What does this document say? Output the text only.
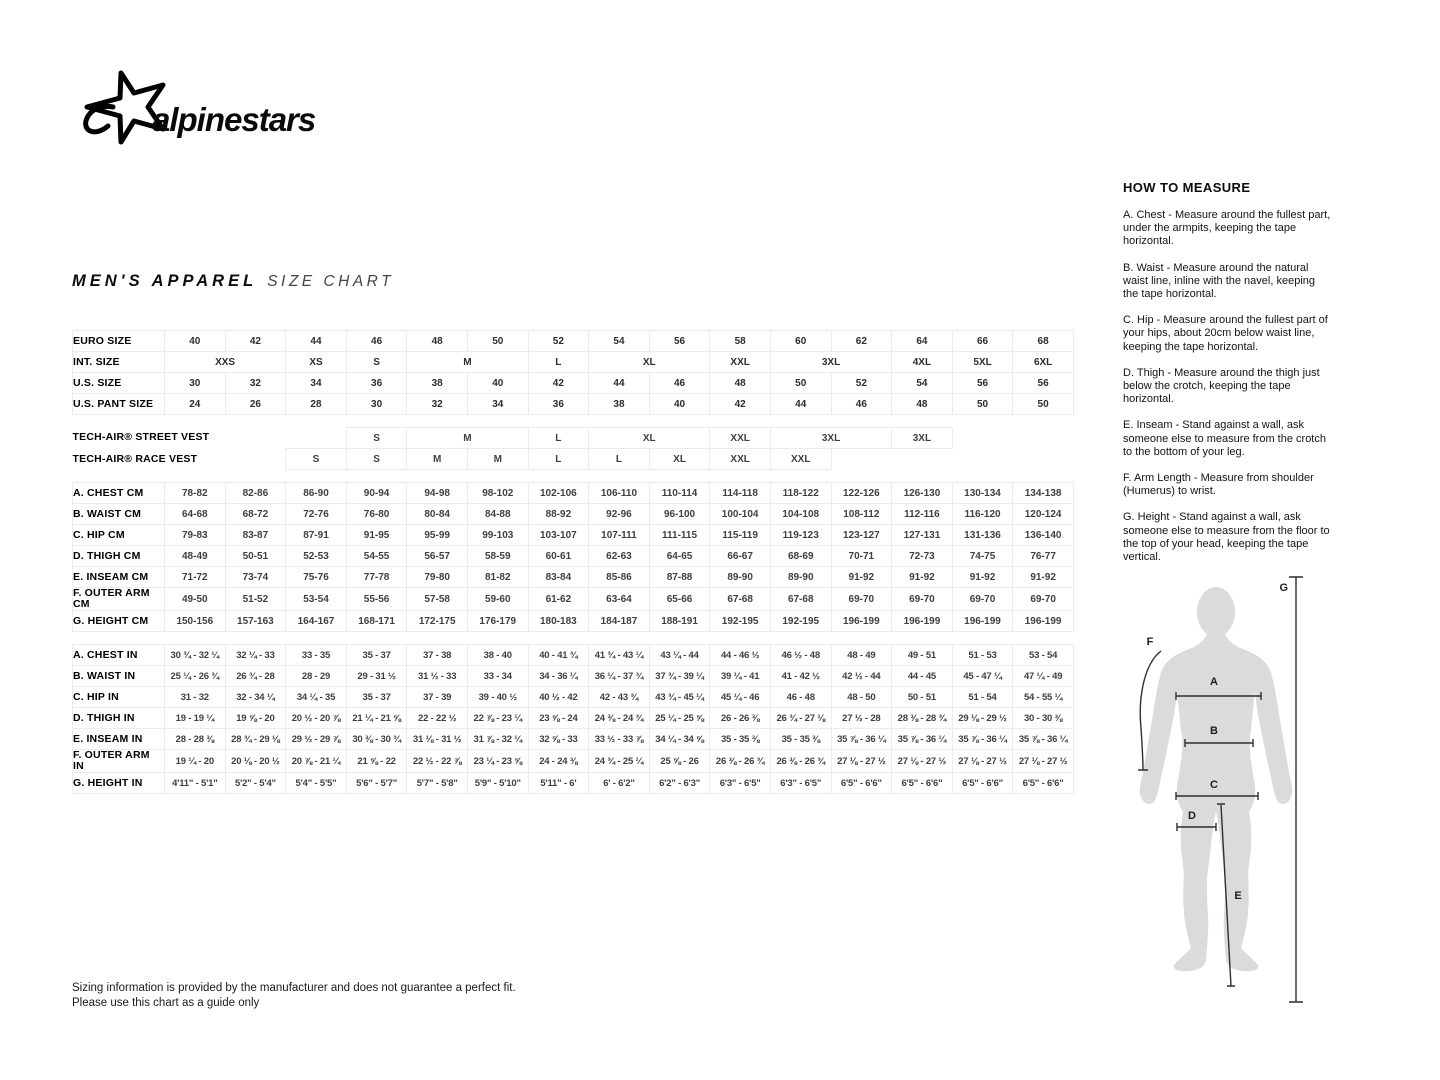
alpinestars
MEN'S APPAREL SIZE CHART
EURO SIZE	40	42	44	46	48	50	52	54	56	58	60	62	64	66	68
INT. SIZE	XXS		XS	S	M		L	XL		XXL	3XL		4XL	5XL	6XL
U.S. SIZE	30	32	34	36	38	40	42	44	46	48	50	52	54	56	56
U.S. PANT SIZE	24	26	28	30	32	34	36	38	40	42	44	46	48	50	50

TECH-AIR® STREET VEST				S	M		L	XL		XXL	3XL		3XL		
TECH-AIR® RACE VEST			S	S	M	M	L	L	XL	XXL	XXL				

A. CHEST CM	78-82	82-86	86-90	90-94	94-98	98-102	102-106	106-110	110-114	114-118	118-122	122-126	126-130	130-134	134-138
B. WAIST CM	64-68	68-72	72-76	76-80	80-84	84-88	88-92	92-96	96-100	100-104	104-108	108-112	112-116	116-120	120-124
C. HIP CM	79-83	83-87	87-91	91-95	95-99	99-103	103-107	107-111	111-115	115-119	119-123	123-127	127-131	131-136	136-140
D. THIGH CM	48-49	50-51	52-53	54-55	56-57	58-59	60-61	62-63	64-65	66-67	68-69	70-71	72-73	74-75	76-77
E. INSEAM CM	71-72	73-74	75-76	77-78	79-80	81-82	83-84	85-86	87-88	89-90	89-90	91-92	91-92	91-92	91-92
F. OUTER ARM CM	49-50	51-52	53-54	55-56	57-58	59-60	61-62	63-64	65-66	67-68	67-68	69-70	69-70	69-70	69-70
G. HEIGHT CM	150-156	157-163	164-167	168-171	172-175	176-179	180-183	184-187	188-191	192-195	192-195	196-199	196-199	196-199	196-199

A. CHEST IN	30 ¾ - 32 ¼	32 ¼ - 33	33 - 35	35 - 37	37 - 38	38 - 40	40 - 41 ¾	41 ¾ - 43 ¼	43 ¼ - 44	44 - 46 ½	46 ½ - 48	48 - 49	49 - 51	51 - 53	53 - 54
B. WAIST IN	25 ¼ - 26 ¾	26 ¾ - 28	28 - 29	29 - 31 ½	31 ½ - 33	33 - 34	34 - 36 ¼	36 ¼ - 37 ¾	37 ¾ - 39 ¼	39 ¼ - 41	41 - 42 ½	42 ½ - 44	44 - 45	45 - 47 ¼	47 ¼ - 49
C. HIP IN	31 - 32	32 - 34 ¼	34 ¼ - 35	35 - 37	37 - 39	39 - 40 ½	40 ½ - 42	42 - 43 ¾	43 ¾ - 45 ¼	45 ¼ - 46	46 - 48	48 - 50	50 - 51	51 - 54	54 - 55 ¼
D. THIGH IN	19 - 19 ¼	19 ⅝ - 20	20 ½ - 20 ⅞	21 ¼ - 21 ⅝	22 - 22 ½	22 ⅞ - 23 ¼	23 ⅝ - 24	24 ⅜ - 24 ¾	25 ¼ - 25 ⅝	26 - 26 ⅜	26 ¾ - 27 ⅛	27 ½ - 28	28 ⅜ - 28 ¾	29 ⅛ - 29 ½	30 - 30 ⅜
E. INSEAM IN	28 - 28 ⅜	28 ¾ - 29 ⅛	29 ½ - 29 ⅞	30 ⅜ - 30 ¾	31 ⅛ - 31 ½	31 ⅞ - 32 ¼	32 ⅝ - 33	33 ½ - 33 ⅞	34 ¼ - 34 ⅝	35 - 35 ⅜	35 - 35 ⅜	35 ⅞ - 36 ¼	35 ⅞ - 36 ¼	35 ⅞ - 36 ¼	35 ⅞ - 36 ¼
F. OUTER ARM IN	19 ¼ - 20	20 ⅛ - 20 ½	20 ⅞ - 21 ¼	21 ⅝ - 22	22 ½ - 22 ⅞	23 ¼ - 23 ⅝	24 - 24 ⅜	24 ¾ - 25 ¼	25 ⅝ - 26	26 ⅜ - 26 ¾	26 ⅜ - 26 ¾	27 ⅛ - 27 ½	27 ⅛ - 27 ½	27 ⅛ - 27 ½	27 ⅛ - 27 ½
G. HEIGHT IN	4'11" - 5'1"	5'2" - 5'4"	5'4" - 5'5"	5'6" - 5'7"	5'7" - 5'8"	5'9" - 5'10"	5'11" - 6'	6' - 6'2"	6'2" - 6'3"	6'3" - 6'5"	6'3" - 6'5"	6'5" - 6'6"	6'5" - 6'6"	6'5" - 6'6"	6'5" - 6'6"
HOW TO MEASURE

A. Chest - Measure around the fullest part, under the armpits, keeping the tape horizontal.

B. Waist - Measure around the natural waist line, inline with the navel, keeping the tape horizontal.

C. Hip - Measure around the fullest part of your hips, about 20cm below waist line, keeping the tape horizontal.

D. Thigh - Measure around the thigh just below the crotch, keeping the tape horizontal.

E. Inseam - Stand against a wall, ask someone else to measure from the crotch to the bottom of your leg.

F. Arm Length - Measure from shoulder (Humerus) to wrist.

G. Height - Stand against a wall, ask someone else to measure from the floor to the top of your head, keeping the tape vertical.

A
B
C
D
E
F
G
Sizing information is provided by the manufacturer and does not guarantee a perfect fit.
Please use this chart as a guide only
